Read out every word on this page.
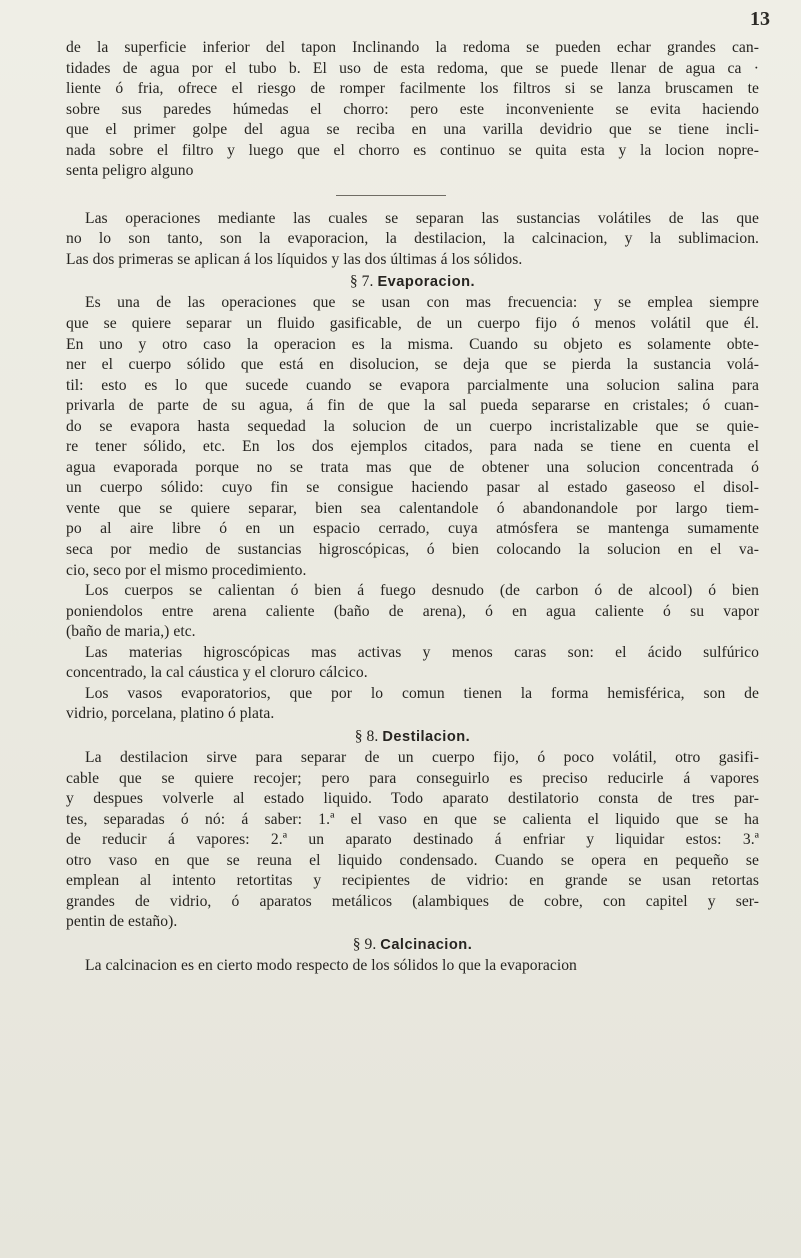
13
de la superficie inferior del tapon Inclinando la redoma se pueden echar grandes can-
tidades de agua por el tubo b. El uso de esta redoma, que se puede llenar de agua ca ·
liente ó fria, ofrece el riesgo de romper facilmente los filtros si se lanza bruscamen te
sobre sus paredes húmedas el chorro: pero este inconveniente se evita haciendo
que el primer golpe del agua se reciba en una varilla devidrio que se tiene incli-
nada sobre el filtro y luego que el chorro es continuo se quita esta y la locion nopre-
senta peligro alguno
Las operaciones mediante las cuales se separan las sustancias volátiles de las que
no lo son tanto, son la evaporacion, la destilacion, la calcinacion, y la sublimacion.
Las dos primeras se aplican á los líquidos y las dos últimas á los sólidos.
§ 7. Evaporacion.
Es una de las operaciones que se usan con mas frecuencia: y se emplea siempre
que se quiere separar un fluido gasificable, de un cuerpo fijo ó menos volátil que él.
En uno y otro caso la operacion es la misma. Cuando su objeto es solamente obte-
ner el cuerpo sólido que está en disolucion, se deja que se pierda la sustancia volá-
til: esto es lo que sucede cuando se evapora parcialmente una solucion salina para
privarla de parte de su agua, á fin de que la sal pueda separarse en cristales; ó cuan-
do se evapora hasta sequedad la solucion de un cuerpo incristalizable que se quie-
re tener sólido, etc. En los dos ejemplos citados, para nada se tiene en cuenta el
agua evaporada porque no se trata mas que de obtener una solucion concentrada ó
un cuerpo sólido: cuyo fin se consigue haciendo pasar al estado gaseoso el disol-
vente que se quiere separar, bien sea calentandole ó abandonandole por largo tiem-
po al aire libre ó en un espacio cerrado, cuya atmósfera se mantenga sumamente
seca por medio de sustancias higroscópicas, ó bien colocando la solucion en el va-
cio, seco por el mismo procedimiento.
Los cuerpos se calientan ó bien á fuego desnudo (de carbon ó de alcool) ó bien
poniendolos entre arena caliente (baño de arena), ó en agua caliente ó su vapor
(baño de maria,) etc.
Las materias higroscópicas mas activas y menos caras son: el ácido sulfúrico
concentrado, la cal cáustica y el cloruro cálcico.
Los vasos evaporatorios, que por lo comun tienen la forma hemisférica, son de
vidrio, porcelana, platino ó plata.
§ 8. Destilacion.
La destilacion sirve para separar de un cuerpo fijo, ó poco volátil, otro gasifi-
cable que se quiere recojer; pero para conseguirlo es preciso reducirle á vapores
y despues volverle al estado liquido. Todo aparato destilatorio consta de tres par-
tes, separadas ó nó: á saber: 1.ª el vaso en que se calienta el liquido que se ha
de reducir á vapores: 2.ª un aparato destinado á enfriar y liquidar estos: 3.ª
otro vaso en que se reuna el liquido condensado. Cuando se opera en pequeño se
emplean al intento retortitas y recipientes de vidrio: en grande se usan retortas
grandes de vidrio, ó aparatos metálicos (alambiques de cobre, con capitel y ser-
pentin de estaño).
§ 9. Calcinacion.
La calcinacion es en cierto modo respecto de los sólidos lo que la evaporacion
